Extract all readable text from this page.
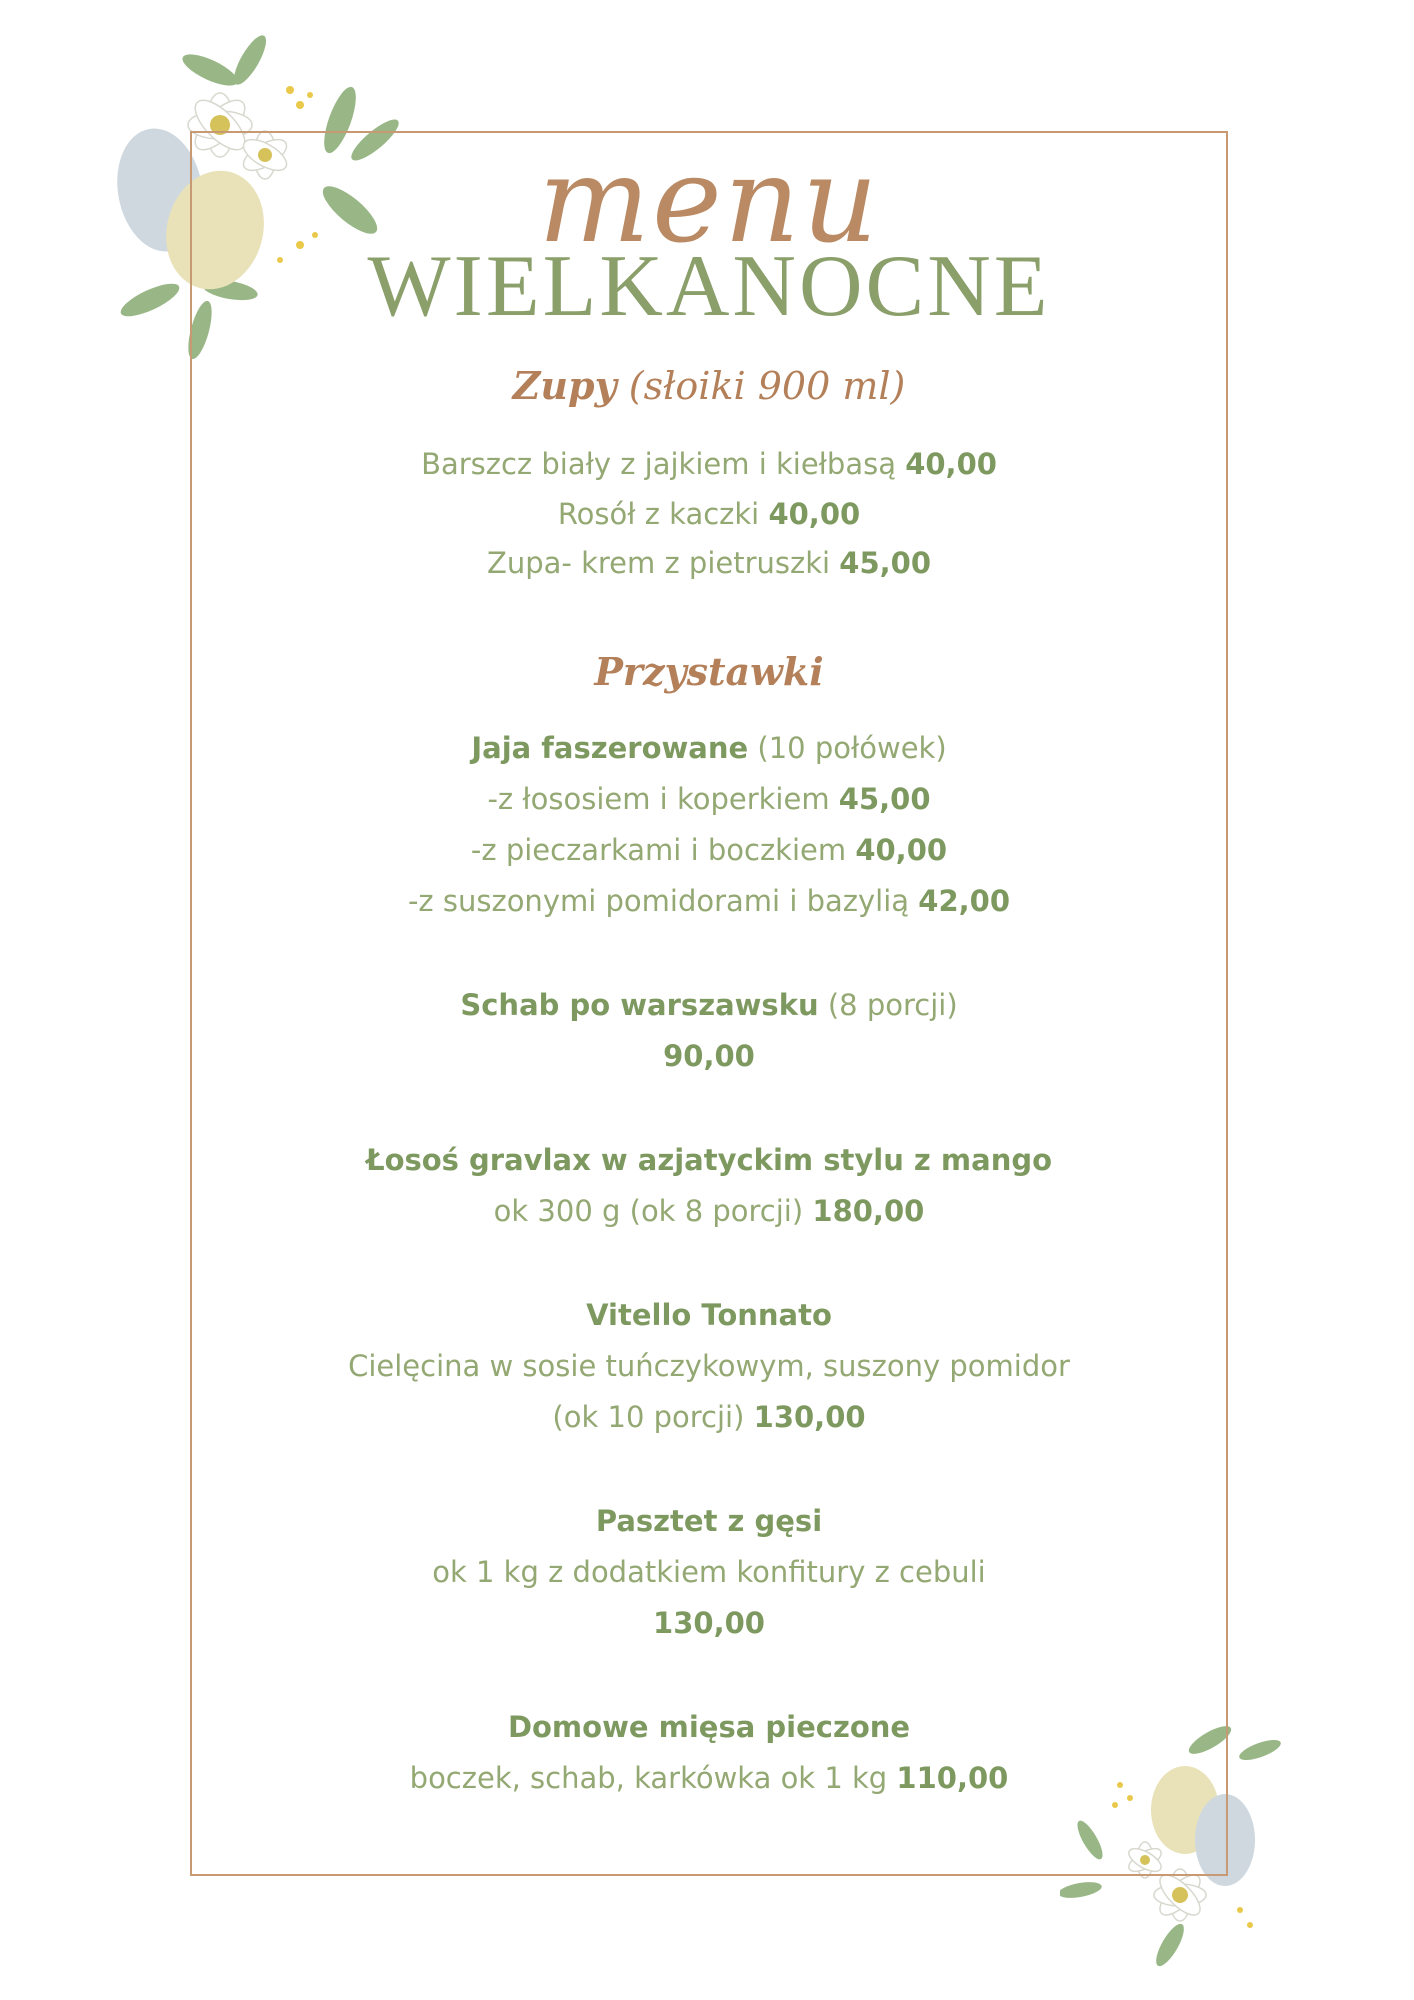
menu
WIELKANOCNE
Zupy (słoiki 900 ml)
Barszcz biały z jajkiem i kiełbasą 40,00
Rosół z kaczki 40,00
Zupa- krem z pietruszki 45,00
Przystawki
Jaja faszerowane (10 połówek)
-z łososiem i koperkiem 45,00
-z pieczarkami i boczkiem 40,00
-z suszonymi pomidorami i bazylią 42,00
Schab po warszawsku (8 porcji)
90,00
Łosoś gravlax w azjatyckim stylu z mango
ok 300 g (ok 8 porcji) 180,00
Vitello Tonnato
Cielęcina w sosie tuńczykowym, suszony pomidor
(ok 10 porcji) 130,00
Pasztet z gęsi
ok 1 kg z dodatkiem konfitury z cebuli
130,00
Domowe mięsa pieczone
boczek, schab, karkówka ok 1 kg 110,00
